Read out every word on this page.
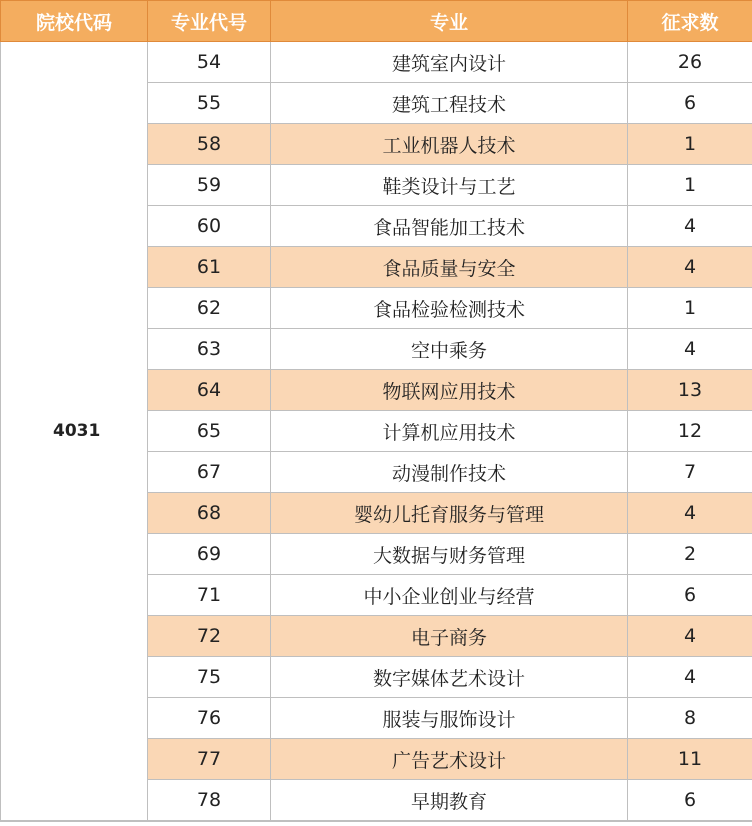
院校代码	专业代号	专业	征求数
4031	54	建筑室内设计	26
	55	建筑工程技术	6
	58	工业机器人技术	1
	59	鞋类设计与工艺	1
	60	食品智能加工技术	4
	61	食品质量与安全	4
	62	食品检验检测技术	1
	63	空中乘务	4
	64	物联网应用技术	13
	65	计算机应用技术	12
	67	动漫制作技术	7
	68	婴幼儿托育服务与管理	4
	69	大数据与财务管理	2
	71	中小企业创业与经营	6
	72	电子商务	4
	75	数字媒体艺术设计	4
	76	服装与服饰设计	8
	77	广告艺术设计	11
	78	早期教育	6
